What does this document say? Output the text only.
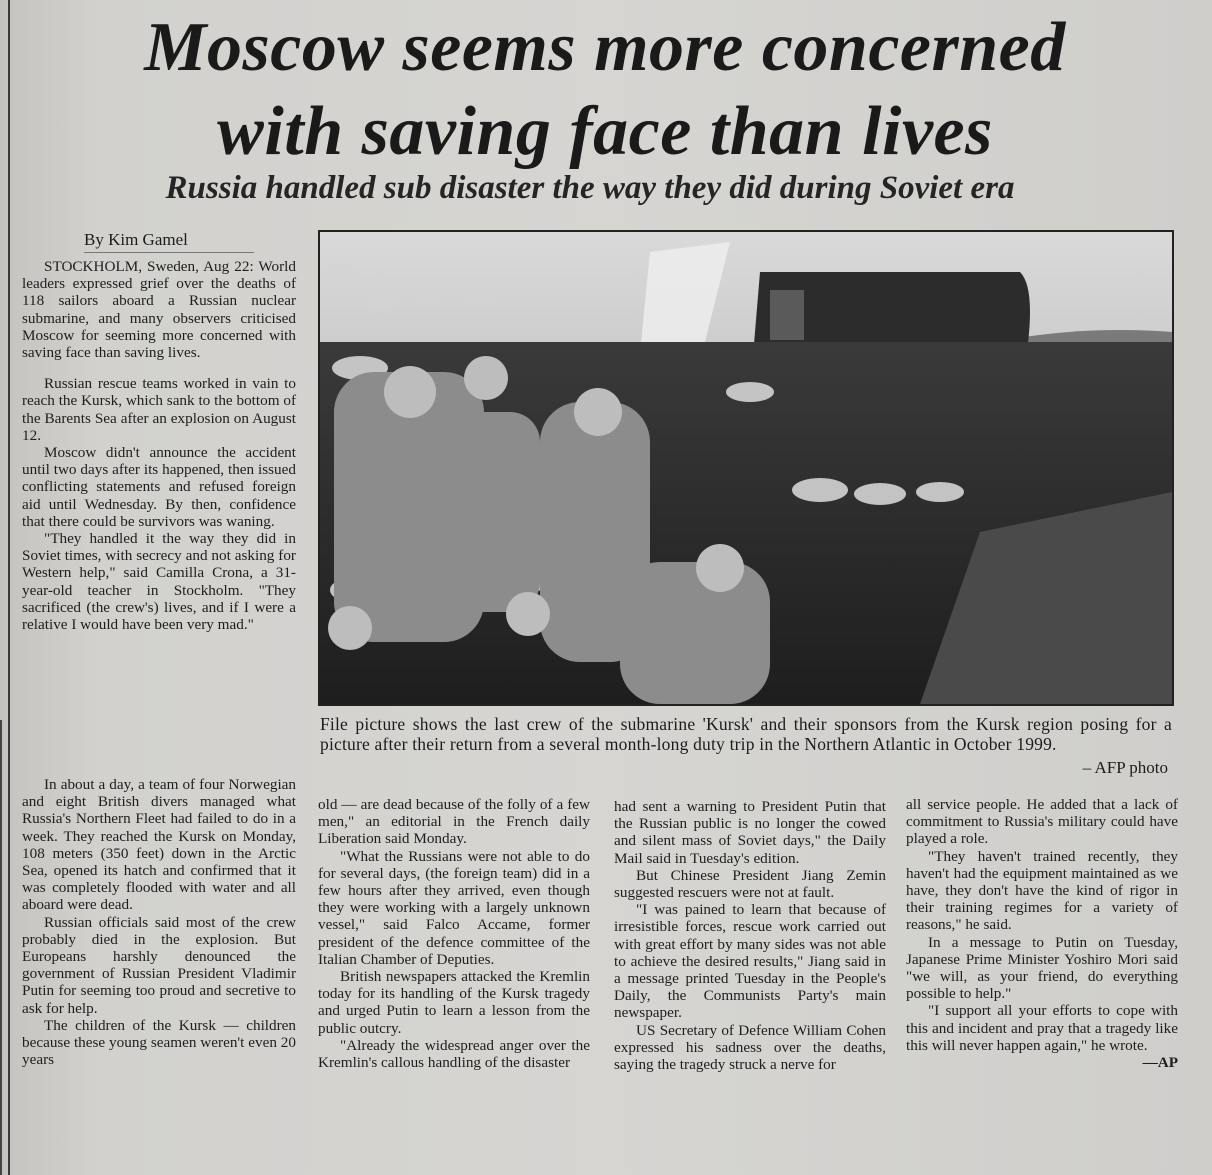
Moscow seems more concerned
with saving face than lives
Russia handled sub disaster the way they did during Soviet era

By Kim Gamel

STOCKHOLM, Sweden, Aug 22: World leaders expressed grief over the deaths of 118 sailors aboard a Russian nuclear submarine, and many observers criticised Moscow for seeming more concerned with saving face than saving lives.

Russian rescue teams worked in vain to reach the Kursk, which sank to the bottom of the Barents Sea after an explosion on August 12.

Moscow didn't announce the accident until two days after its happened, then issued conflicting statements and refused foreign aid until Wednesday. By then, confidence that there could be survivors was waning.

"They handled it the way they did in Soviet times, with secrecy and not asking for Western help," said Camilla Crona, a 31-year-old teacher in Stockholm. "They sacrificed (the crew's) lives, and if I were a relative I would have been very mad."

In about a day, a team of four Norwegian and eight British divers managed what Russia's Northern Fleet had failed to do in a week. They reached the Kursk on Monday, 108 meters (350 feet) down in the Arctic Sea, opened its hatch and confirmed that it was completely flooded with water and all aboard were dead.

Russian officials said most of the crew probably died in the explosion. But Europeans harshly denounced the government of Russian President Vladimir Putin for seeming too proud and secretive to ask for help.

The children of the Kursk — children because these young seamen weren't even 20 years

File picture shows the last crew of the submarine 'Kursk' and their sponsors from the Kursk region posing for a picture after their return from a several month-long duty trip in the Northern Atlantic in October 1999.

– AFP photo

old — are dead because of the folly of a few men," an editorial in the French daily Liberation said Monday.

"What the Russians were not able to do for several days, (the foreign team) did in a few hours after they arrived, even though they were working with a largely unknown vessel," said Falco Accame, former president of the defence committee of the Italian Chamber of Deputies.

British newspapers attacked the Kremlin today for its handling of the Kursk tragedy and urged Putin to learn a lesson from the public outcry.

"Already the widespread anger over the Kremlin's callous handling of the disaster

had sent a warning to President Putin that the Russian public is no longer the cowed and silent mass of Soviet days," the Daily Mail said in Tuesday's edition.

But Chinese President Jiang Zemin suggested rescuers were not at fault.

"I was pained to learn that because of irresistible forces, rescue work carried out with great effort by many sides was not able to achieve the desired results," Jiang said in a message printed Tuesday in the People's Daily, the Communists Party's main newspaper.

US Secretary of Defence William Cohen expressed his sadness over the deaths, saying the tragedy struck a nerve for

all service people. He added that a lack of commitment to Russia's military could have played a role.

"They haven't trained recently, they haven't had the equipment maintained as we have, they don't have the kind of rigor in their training regimes for a variety of reasons," he said.

In a message to Putin on Tuesday, Japanese Prime Minister Yoshiro Mori said "we will, as your friend, do everything possible to help."

"I support all your efforts to cope with this and incident and pray that a tragedy like this will never happen again," he wrote.

—AP
